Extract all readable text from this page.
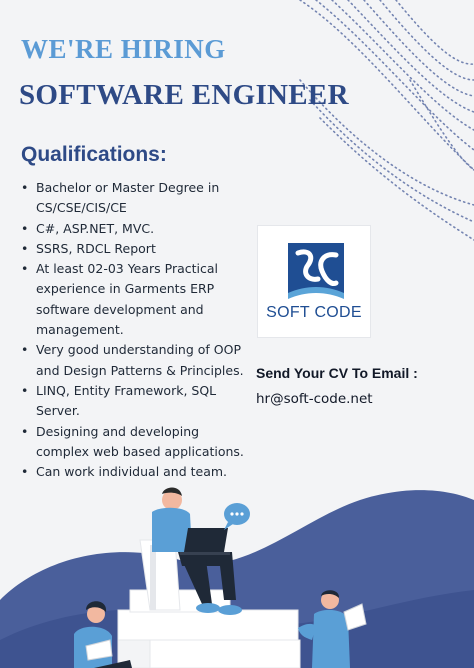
WE'RE HIRING
SOFTWARE ENGINEER
Qualifications:
• Bachelor or Master Degree in CS/CSE/CIS/CE
• C#, ASP.NET, MVC.
• SSRS, RDCL Report
• At least 02-03 Years Practical experience in Garments ERP software development and management.
• Very good understanding of OOP and Design Patterns & Principles.
• LINQ, Entity Framework, SQL Server.
• Designing and developing complex web based applications.
• Can work individual and team.
SOFT CODE

Send Your CV To Email :

hr@soft-code.net
